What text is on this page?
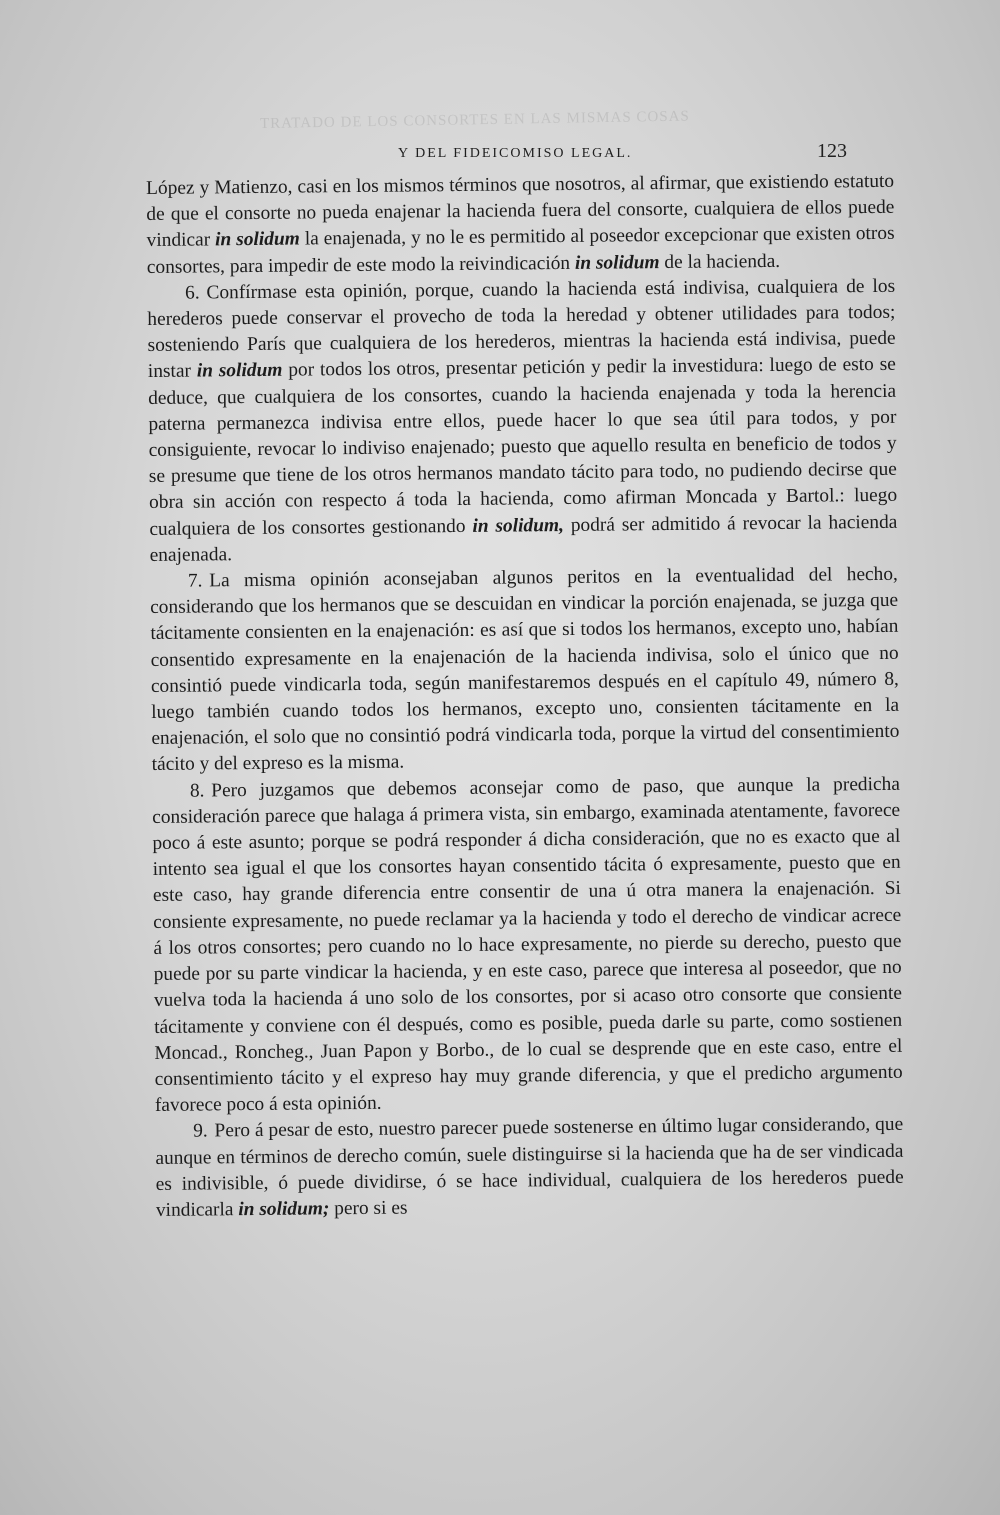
TRATADO DE LOS CONSORTES EN LAS MISMAS COSAS
Y DEL FIDEICOMISO LEGAL.	123

López y Matienzo, casi en los mismos términos que nosotros, al afirmar, que existiendo estatuto de que el consorte no pueda enajenar la hacienda fuera del consorte, cualquiera de ellos puede vindicar in solidum la enajenada, y no le es permitido al poseedor excepcionar que existen otros consortes, para impedir de este modo la reivindicación in solidum de la hacienda.

6. Confírmase esta opinión, porque, cuando la hacienda está indivisa, cualquiera de los herederos puede conservar el provecho de toda la heredad y obtener utilidades para todos; sosteniendo París que cualquiera de los herederos, mientras la hacienda está indivisa, puede instar in solidum por todos los otros, presentar petición y pedir la investidura: luego de esto se deduce, que cualquiera de los consortes, cuando la hacienda enajenada y toda la herencia paterna permanezca indivisa entre ellos, puede hacer lo que sea útil para todos, y por consiguiente, revocar lo indiviso enajenado; puesto que aquello resulta en beneficio de todos y se presume que tiene de los otros hermanos mandato tácito para todo, no pudiendo decirse que obra sin acción con respecto á toda la hacienda, como afirman Moncada y Bartol.: luego cualquiera de los consortes gestionando in solidum, podrá ser admitido á revocar la hacienda enajenada.

7. La misma opinión aconsejaban algunos peritos en la eventualidad del hecho, considerando que los hermanos que se descuidan en vindicar la porción enajenada, se juzga que tácitamente consienten en la enajenación: es así que si todos los hermanos, excepto uno, habían consentido expresamente en la enajenación de la hacienda indivisa, solo el único que no consintió puede vindicarla toda, según manifestaremos después en el capítulo 49, número 8, luego también cuando todos los hermanos, excepto uno, consienten tácitamente en la enajenación, el solo que no consintió podrá vindicarla toda, porque la virtud del consentimiento tácito y del expreso es la misma.

8. Pero juzgamos que debemos aconsejar como de paso, que aunque la predicha consideración parece que halaga á primera vista, sin embargo, examinada atentamente, favorece poco á este asunto; porque se podrá responder á dicha consideración, que no es exacto que al intento sea igual el que los consortes hayan consentido tácita ó expresamente, puesto que en este caso, hay grande diferencia entre consentir de una ú otra manera la enajenación. Si consiente expresamente, no puede reclamar ya la hacienda y todo el derecho de vindicar acrece á los otros consortes; pero cuando no lo hace expresamente, no pierde su derecho, puesto que puede por su parte vindicar la hacienda, y en este caso, parece que interesa al poseedor, que no vuelva toda la hacienda á uno solo de los consortes, por si acaso otro consorte que consiente tácitamente y conviene con él después, como es posible, pueda darle su parte, como sostienen Moncad., Roncheg., Juan Papon y Borbo., de lo cual se desprende que en este caso, entre el consentimiento tácito y el expreso hay muy grande diferencia, y que el predicho argumento favorece poco á esta opinión.

9. Pero á pesar de esto, nuestro parecer puede sostenerse en último lugar considerando, que aunque en términos de derecho común, suele distinguirse si la hacienda que ha de ser vindicada es indivisible, ó puede dividirse, ó se hace individual, cualquiera de los herederos puede vindicarla in solidum; pero si es
